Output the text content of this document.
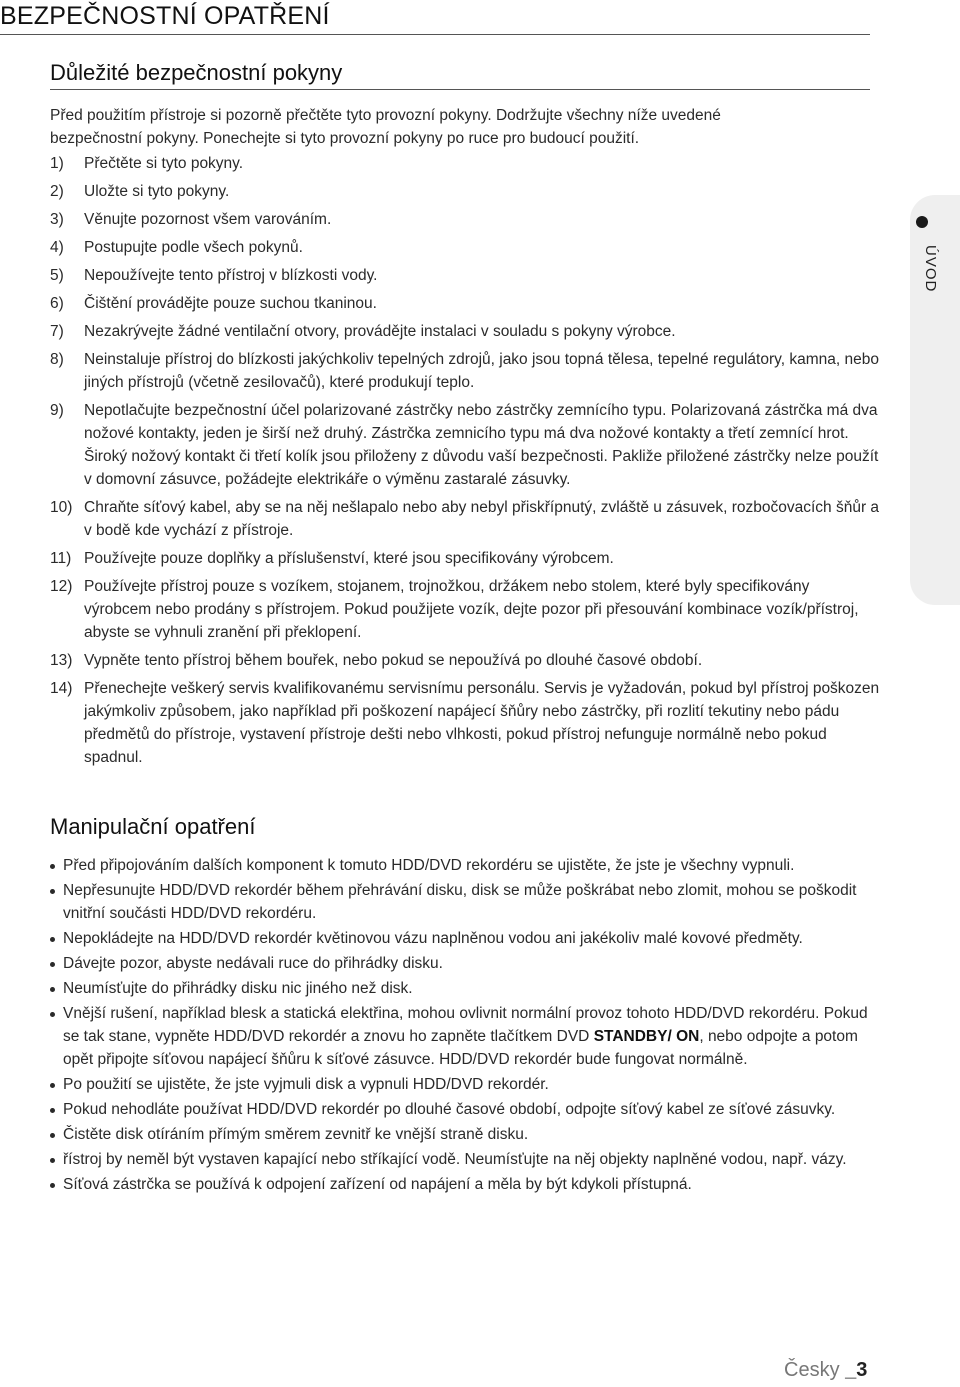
BEZPEČNOSTNÍ OPATŘENÍ
Důležité bezpečnostní pokyny

Před použitím přístroje si pozorně přečtěte tyto provozní pokyny. Dodržujte všechny níže uvedené
bezpečnostní pokyny. Ponechejte si tyto provozní pokyny po ruce pro budoucí použití.

1) Přečtěte si tyto pokyny.
2) Uložte si tyto pokyny.
3) Věnujte pozornost všem varováním.
4) Postupujte podle všech pokynů.
5) Nepoužívejte tento přístroj v blízkosti vody.
6) Čištění provádějte pouze suchou tkaninou.
7) Nezakrývejte žádné ventilační otvory, provádějte instalaci v souladu s pokyny výrobce.
8) Neinstaluje přístroj do blízkosti jakýchkoliv tepelných zdrojů, jako jsou topná tělesa, tepelné regulátory, kamna, nebo jiných přístrojů (včetně zesilovačů), které produkují teplo.
9) Nepotlačujte bezpečnostní účel polarizované zástrčky nebo zástrčky zemnícího typu. Polarizovaná zástrčka má dva nožové kontakty, jeden je širší než druhý. Zástrčka zemnicího typu má dva nožové kontakty a třetí zemnící hrot. Široký nožový kontakt či třetí kolík jsou přiloženy z důvodu vaší bezpečnosti. Pakliže přiložené zástrčky nelze použít v domovní zásuvce, požádejte elektrikáře o výměnu zastaralé zásuvky.
10) Chraňte síťový kabel, aby se na něj nešlapalo nebo aby nebyl přiskřípnutý, zvláště u zásuvek, rozbočovacích šňůr a v bodě kde vychází z přístroje.
11) Používejte pouze doplňky a příslušenství, které jsou specifikovány výrobcem.
12) Používejte přístroj pouze s vozíkem, stojanem, trojnožkou, držákem nebo stolem, které byly specifikovány výrobcem nebo prodány s přístrojem. Pokud použijete vozík, dejte pozor při přesouvání kombinace vozík/přístroj, abyste se vyhnuli zranění při překlopení.
13) Vypněte tento přístroj během bouřek, nebo pokud se nepoužívá po dlouhé časové období.
14) Přenechejte veškerý servis kvalifikovanému servisnímu personálu. Servis je vyžadován, pokud byl přístroj poškozen jakýmkoliv způsobem, jako například při poškození napájecí šňůry nebo zástrčky, při rozlití tekutiny nebo pádu předmětů do přístroje, vystavení přístroje dešti nebo vlhkosti, pokud přístroj nefunguje normálně nebo pokud spadnul.
Manipulační opatření
Před připojováním dalších komponent k tomuto HDD/DVD rekordéru se ujistěte, že jste je všechny vypnuli.
Nepřesunujte HDD/DVD rekordér během přehrávání disku, disk se může poškrábat nebo zlomit, mohou se poškodit vnitřní součásti HDD/DVD rekordéru.
Nepokládejte na HDD/DVD rekordér květinovou vázu naplněnou vodou ani jakékoliv malé kovové předměty.
Dávejte pozor, abyste nedávali ruce do přihrádky disku.
Neumísťujte do přihrádky disku nic jiného než disk.
Vnější rušení, například blesk a statická elektřina, mohou ovlivnit normální provoz tohoto HDD/DVD rekordéru. Pokud se tak stane, vypněte HDD/DVD rekordér a znovu ho zapněte tlačítkem DVD STANDBY/ ON, nebo odpojte a potom opět připojte síťovou napájecí šňůru k síťové zásuvce. HDD/DVD rekordér bude fungovat normálně.
Po použití se ujistěte, že jste vyjmuli disk a vypnuli HDD/DVD rekordér.
Pokud nehodláte používat HDD/DVD rekordér po dlouhé časové období, odpojte síťový kabel ze síťové zásuvky.
Čistěte disk otíráním přímým směrem zevnitř ke vnější straně disku.
řístroj by neměl být vystaven kapající nebo stříkající vodě. Neumísťujte na něj objekty naplněné vodou, např. vázy.
Síťová zástrčka se používá k odpojení zařízení od napájení a měla by být kdykoli přístupná.
ÚVOD

Česky _3
